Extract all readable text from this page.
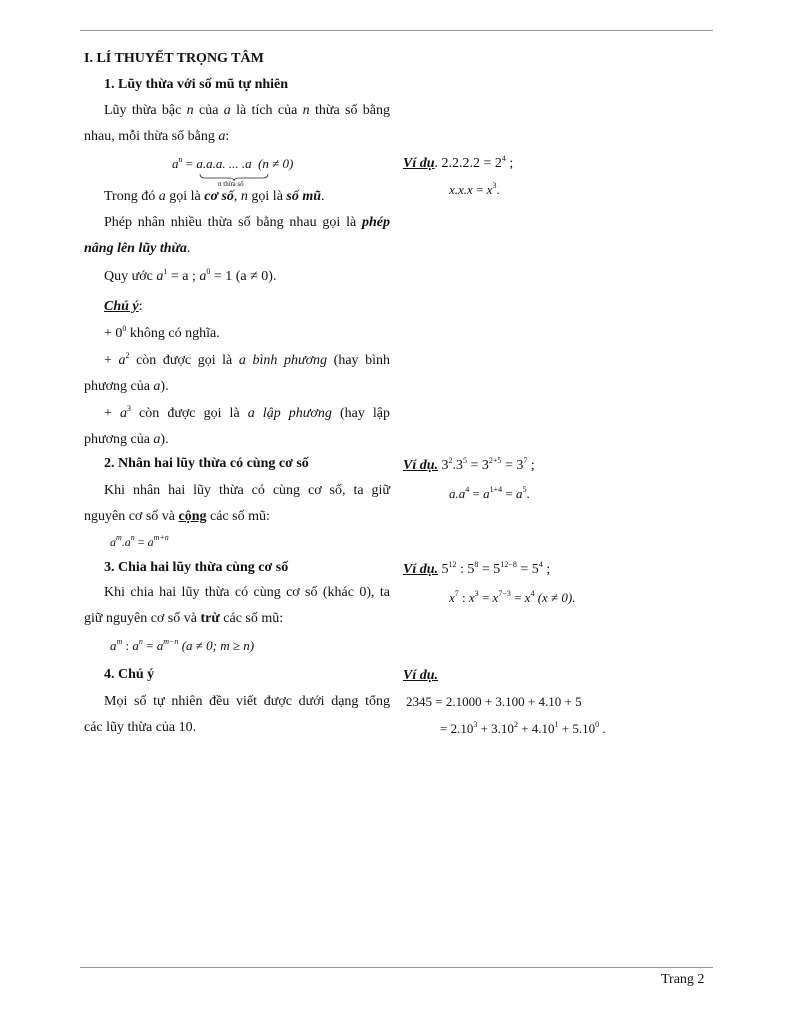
I. LÍ THUYẾT TRỌNG TÂM
1. Lũy thừa với số mũ tự nhiên
Lũy thừa bậc n của a là tích của n thừa số bằng
nhau, mỗi thừa số bằng a:
$a^n = a.a.a$. ... .a (n ≠ 0)
n thừa số
Trong đó a gọi là cơ số, n gọi là số mũ.
Phép nhân nhiều thừa số bằng nhau gọi là phép
nâng lên lũy thừa.
Quy ước $a^1 = a$ ; $a^0 = 1$ (a ≠ 0).
Chú ý:
+ $0^0$ không có nghĩa.
+ $a^2$ còn được gọi là a bình phương (hay bình
phương của a).
+ $a^3$ còn được gọi là a lập phương (hay lập
phương của a).
Ví dụ. $2.2.2.2 = 2^4$ ;
$x.x.x = x^3$.
2. Nhân hai lũy thừa có cùng cơ số
Khi nhân hai lũy thừa có cùng cơ số, ta giữ
nguyên cơ số và cộng các số mũ:
$a^m.a^n = a^{m+n}$
Ví dụ. $3^2.3^5 = 3^{2+5} = 3^7$ ;
$a.a^4 = a^{1+4} = a^5$.
3. Chia hai lũy thừa cùng cơ số
Khi chia hai lũy thừa có cùng cơ số (khác 0), ta
giữ nguyên cơ số và trừ các số mũ:
$a^m$ : $a^n = a^{m-n}$ (a ≠ 0; m ≥ n)
Ví dụ. $5^{12}$ : $5^8 = 5^{12-8} = 5^4$ ;
$x^7$ : $x^3 = x^{7-3} = x^4$ (x ≠ 0).
4. Chú ý
Mọi số tự nhiên đều viết được dưới dạng tổng
các lũy thừa của 10.
Ví dụ.
2345 = 2.1000 + 3.100 + 4.10 + 5
= $2.10^3 + 3.10^2 + 4.10^1 + 5.10^0$ .
Trang 2
